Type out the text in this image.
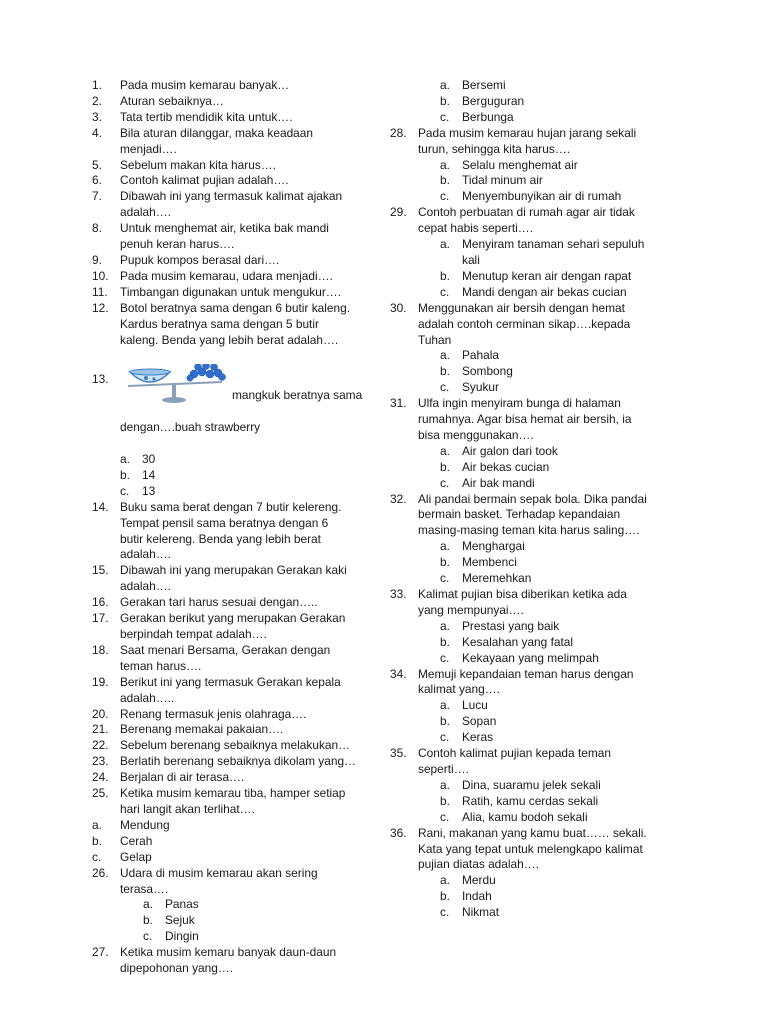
1.	Pada musim kemarau banyak…
2.	Aturan sebaiknya…
3.	Tata tertib mendidik kita untuk….
4.	Bila aturan dilanggar, maka keadaan
menjadi….
5.	Sebelum makan kita harus….
6.	Contoh kalimat pujian adalah….
7.	Dibawah ini yang termasuk kalimat ajakan
adalah….
8.	Untuk menghemat air, ketika bak mandi
penuh keran harus….
9.	Pupuk kompos berasal dari….
10. Pada musim kemarau, udara menjadi….
11.	Timbangan digunakan untuk mengukur….
12. Botol beratnya sama dengan 6 butir kaleng.
Kardus beratnya sama dengan 5 butir
kaleng. Benda yang lebih berat adalah….
13.

mangkuk beratnya sama

dengan….buah strawberry

a.	30
b.	14
c.	13
14. Buku sama berat dengan 7 butir kelereng.
Tempat pensil sama beratnya dengan 6
butir kelereng. Benda yang lebih berat
adalah….
15. Dibawah ini yang merupakan Gerakan kaki
adalah….
16. Gerakan tari harus sesuai dengan…..
17. Gerakan berikut yang merupakan Gerakan
berpindah tempat adalah….
18. Saat menari Bersama, Gerakan dengan
teman harus….
19. Berikut ini yang termasuk Gerakan kepala
adalah…..
20. Renang termasuk jenis olahraga….
21. Berenang memakai pakaian….
22. Sebelum berenang sebaiknya melakukan…
23. Berlatih berenang sebaiknya dikolam yang…
24. Berjalan di air terasa….
25. Ketika musim kemarau tiba, hamper setiap
hari langit akan terlihat….
a.	Mendung
b.	Cerah
c.	Gelap
26. Udara di musim kemarau akan sering
terasa….
a.	Panas
b.	Sejuk
c.	Dingin
27. Ketika musim kemaru banyak daun-daun
dipepohonan yang….
a.	Bersemi
b.	Berguguran
c.	Berbunga
28. Pada musim kemarau hujan jarang sekali
turun, sehingga kita harus….
a.	Selalu menghemat air
b.	Tidal minum air
c.	Menyembunyikan air di rumah
29. Contoh perbuatan di rumah agar air tidak
cepat habis seperti….
a.	Menyiram tanaman sehari sepuluh
kali
b.	Menutup keran air dengan rapat
c.	Mandi dengan air bekas cucian
30. Menggunakan air bersih dengan hemat
adalah contoh cerminan sikap….kepada
Tuhan
a.	Pahala
b.	Sombong
c.	Syukur
31. Ulfa ingin menyiram bunga di halaman
rumahnya. Agar bisa hemat air bersih, ia
bisa menggunakan….
a.	Air galon dari took
b.	Air bekas cucian
c.	Air bak mandi
32. Ali pandai bermain sepak bola. Dika pandai
bermain basket. Terhadap kepandaian
masing-masing teman kita harus saling….
a.	Menghargai
b.	Membenci
c.	Meremehkan
33. Kalimat pujian bisa diberikan ketika ada
yang mempunyai….
a.	Prestasi yang baik
b.	Kesalahan yang fatal
c.	Kekayaan yang melimpah
34. Memuji kepandaian teman harus dengan
kalimat yang….
a.	Lucu
b.	Sopan
c.	Keras
35. Contoh kalimat pujian kepada teman
seperti….
a.	Dina, suaramu jelek sekali
b.	Ratih, kamu cerdas sekali
c.	Alia, kamu bodoh sekali
36. Rani, makanan yang kamu buat…… sekali.
Kata yang tepat untuk melengkapo kalimat
pujian diatas adalah….
a.	Merdu
b.	Indah
c.	Nikmat
